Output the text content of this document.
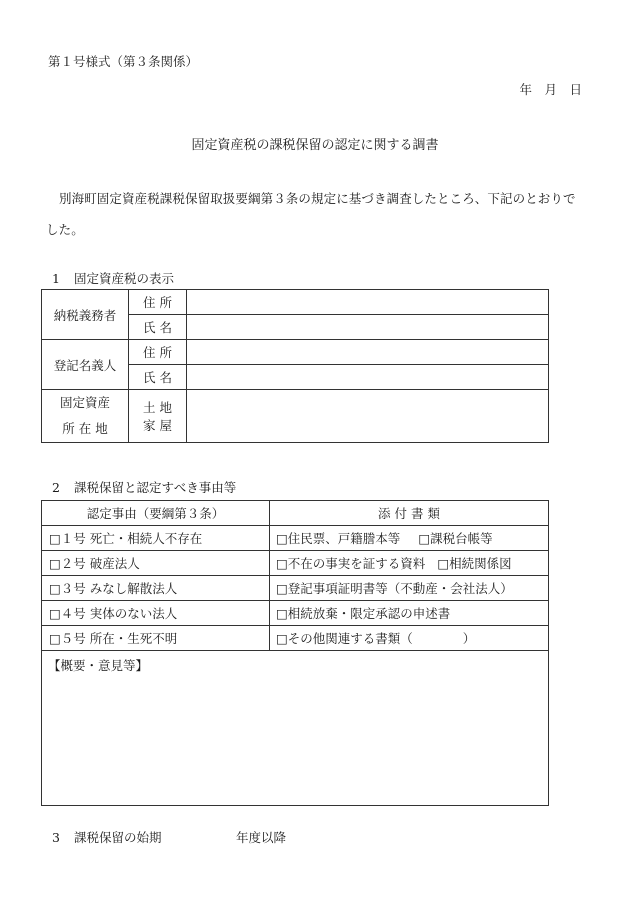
第１号様式（第３条関係）
年　月　日
固定資産税の課税保留の認定に関する調書
別海町固定資産税課税保留取扱要綱第３条の規定に基づき調査したところ、下記のとおりでした。
1 固定資産税の表示
納税義務者	住 所	
	氏 名	
登記名義人	住 所	
	氏 名	

固定資産
所 在 地	土 地
家 屋	

2 課税保留と認定すべき事由等
認定事由（要綱第３条）	添 付 書 類
□１号 死亡・相続人不存在	□住民票、戸籍謄本等 □課税台帳等
□２号 破産法人	□不在の事実を証する資料 □相続関係図
□３号 みなし解散法人	□登記事項証明書等（不動産・会社法人）
□４号 実体のない法人	□相続放棄・限定承認の申述書
□５号 所在・生死不明	□その他関連する書類（　　　　）
【概要・意見等】	
3 課税保留の始期	年度以降
